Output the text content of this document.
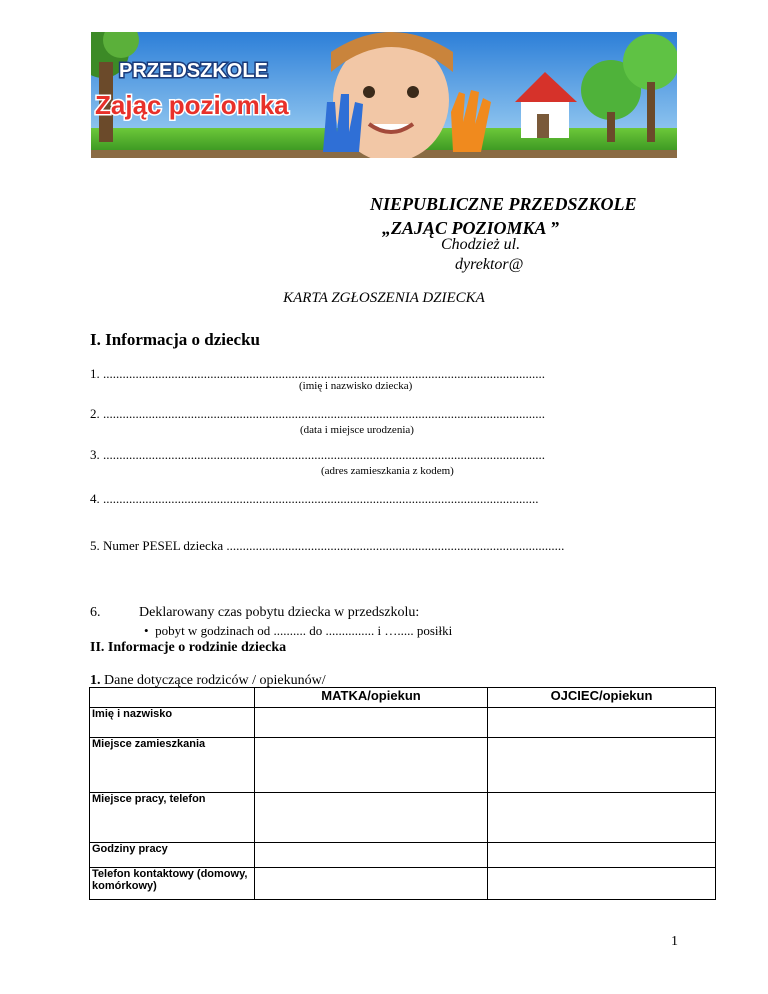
PRZEDSZKOLE
Zając poziomka
NIEPUBLICZNE PRZEDSZKOLE
„ZAJĄC POZIOMKA ”
Chodzież ul.
dyrektor@
KARTA ZGŁOSZENIA DZIECKA
I. Informacja o dziecku
1. ........................................................................................................................................
(imię i nazwisko dziecka)
2. ........................................................................................................................................
(data i miejsce urodzenia)
3. ........................................................................................................................................
(adres zamieszkania z kodem)
4. ......................................................................................................................................
5. Numer PESEL dziecka ........................................................................................................
6.	Deklarowany czas pobytu dziecka w przedszkolu:
•  pobyt w godzinach od .......... do ............... i …..... posiłki
II. Informacje o rodzinie dziecka
1. Dane dotyczące rodziców / opiekunów/
	MATKA/opiekun	OJCIEC/opiekun
Imię i nazwisko		
Miejsce zamieszkania		
Miejsce pracy, telefon		
Godziny pracy		
Telefon kontaktowy (domowy, komórkowy)		
1
